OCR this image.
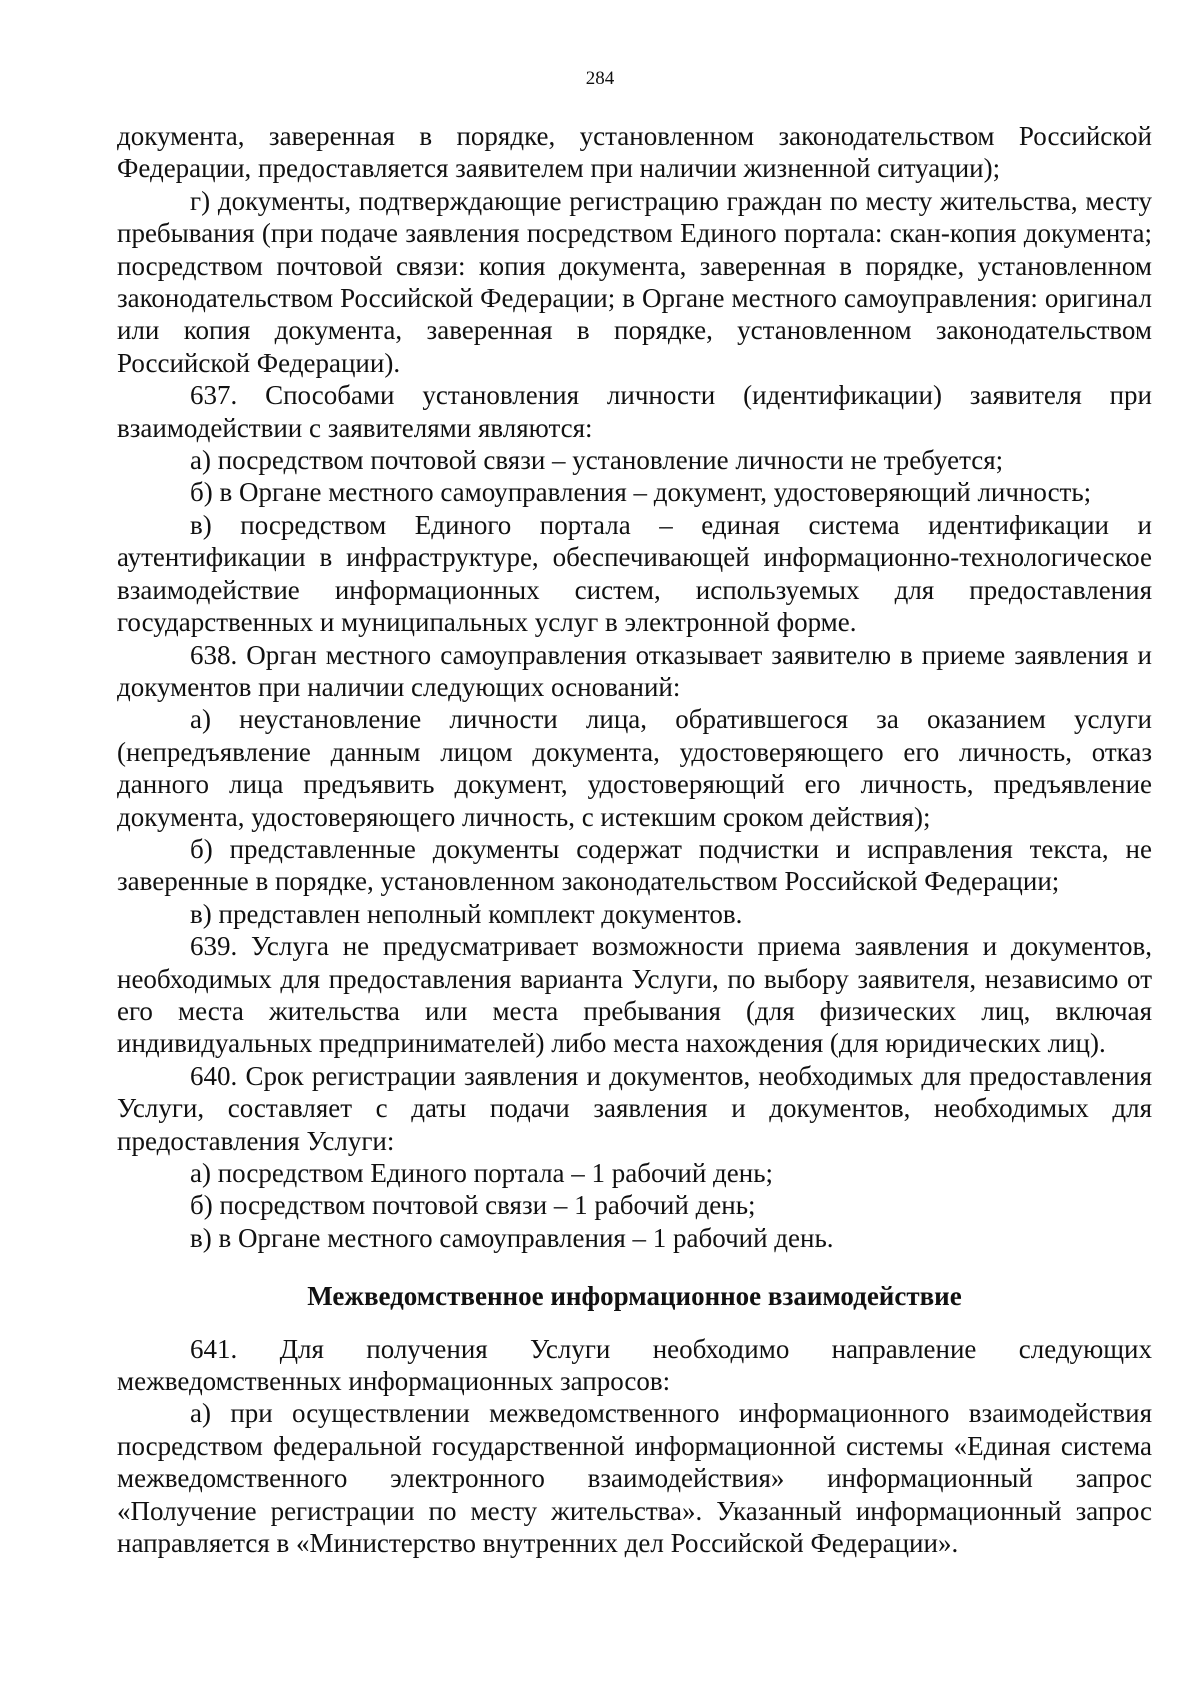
284

документа, заверенная в порядке, установленном законодательством Российской Федерации, предоставляется заявителем при наличии жизненной ситуации);

г) документы, подтверждающие регистрацию граждан по месту жительства, месту пребывания (при подаче заявления посредством Единого портала: скан-копия документа; посредством почтовой связи: копия документа, заверенная в порядке, установленном законодательством Российской Федерации; в Органе местного самоуправления: оригинал или копия документа, заверенная в порядке, установленном законодательством Российской Федерации).

637. Способами установления личности (идентификации) заявителя при взаимодействии с заявителями являются:

а) посредством почтовой связи – установление личности не требуется;

б) в Органе местного самоуправления – документ, удостоверяющий личность;

в) посредством Единого портала – единая система идентификации и аутентификации в инфраструктуре, обеспечивающей информационно-технологическое взаимодействие информационных систем, используемых для предоставления государственных и муниципальных услуг в электронной форме.

638. Орган местного самоуправления отказывает заявителю в приеме заявления и документов при наличии следующих оснований:

а) неустановление личности лица, обратившегося за оказанием услуги (непредъявление данным лицом документа, удостоверяющего его личность, отказ данного лица предъявить документ, удостоверяющий его личность, предъявление документа, удостоверяющего личность, с истекшим сроком действия);

б) представленные документы содержат подчистки и исправления текста, не заверенные в порядке, установленном законодательством Российской Федерации;

в) представлен неполный комплект документов.

639. Услуга не предусматривает возможности приема заявления и документов, необходимых для предоставления варианта Услуги, по выбору заявителя, независимо от его места жительства или места пребывания (для физических лиц, включая индивидуальных предпринимателей) либо места нахождения (для юридических лиц).

640. Срок регистрации заявления и документов, необходимых для предоставления Услуги, составляет с даты подачи заявления и документов, необходимых для предоставления Услуги:

а) посредством Единого портала – 1 рабочий день;

б) посредством почтовой связи – 1 рабочий день;

в) в Органе местного самоуправления – 1 рабочий день.

Межведомственное информационное взаимодействие

641. Для получения Услуги необходимо направление следующих межведомственных информационных запросов:

а) при осуществлении межведомственного информационного взаимодействия посредством федеральной государственной информационной системы «Единая система межведомственного электронного взаимодействия» информационный запрос «Получение регистрации по месту жительства». Указанный информационный запрос направляется в «Министерство внутренних дел Российской Федерации».
